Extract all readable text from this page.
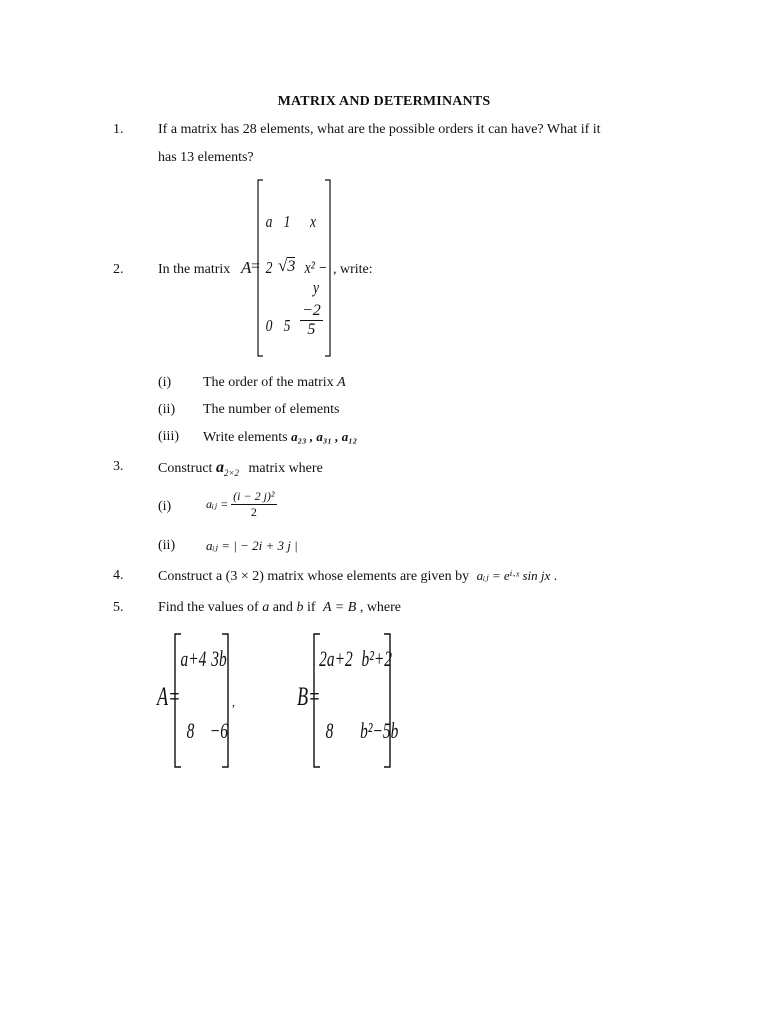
MATRIX AND DETERMINANTS
1. If a matrix has 28 elements, what are the possible orders it can have? What if it
has 13 elements?
2. In the matrix A =	, write:
a 1 x
2 √3 x² − y
0 $5 \frac{-2}{5}$
(i) The order of the matrix A
(ii) The number of elements
(iii) Write elements a₂₃ , a₃₁ , a₁₂
3. Construct $a_{2\times 2}$ matrix where
(i)	aᵢⱼ = $\frac{\text{(i − 2 j)²}}{2}$
(ii) aᵢⱼ = | − 2i + 3 j |
4. Construct a (3 × 2) matrix whose elements are given by aᵢⱼ = eⁱ·ˣ sin jx .
5. Find the values of a and b if A = B , where
A=
a+4 3b
8 −6
, B=
2a+2 b²+2
8	b²−5b
